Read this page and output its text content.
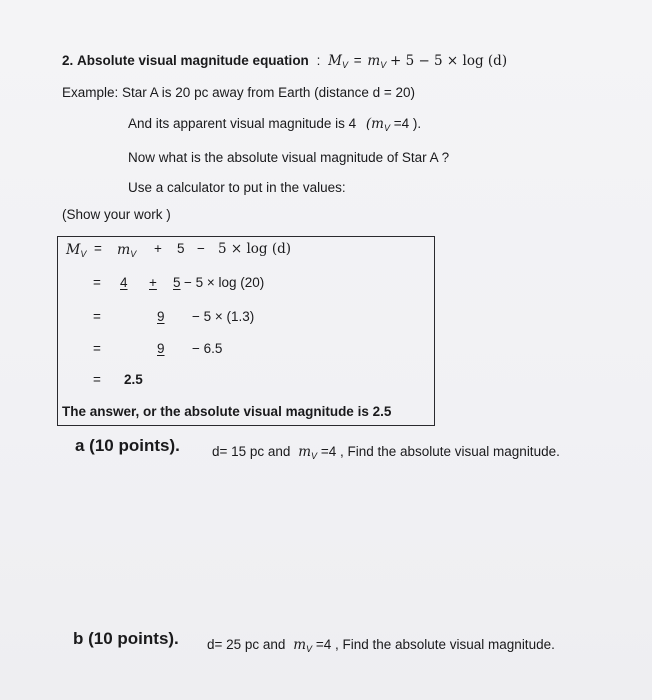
2. Absolute visual magnitude equation : $M_V = m_V + 5 - 5 \times \log (d)$
Example: Star A is 20 pc away from Earth (distance d = 20)
And its apparent visual magnitude is 4 ($m_V =4$ ).
Now what is the absolute visual magnitude of Star A ?
Use a calculator to put in the values:
(Show your work )
$M_V = m_V + 5 - 5 \times \log (d)$
= 4 + 5 − 5 × log (20)
=	9 − 5 × (1.3)
=	9 − 6.5
= 2.5
The answer, or the absolute visual magnitude is 2.5
a (10 points). d= 15 pc and $m_V =4$ , Find the absolute visual magnitude.
b (10 points). d= 25 pc and $m_V =4$ , Find the absolute visual magnitude.
